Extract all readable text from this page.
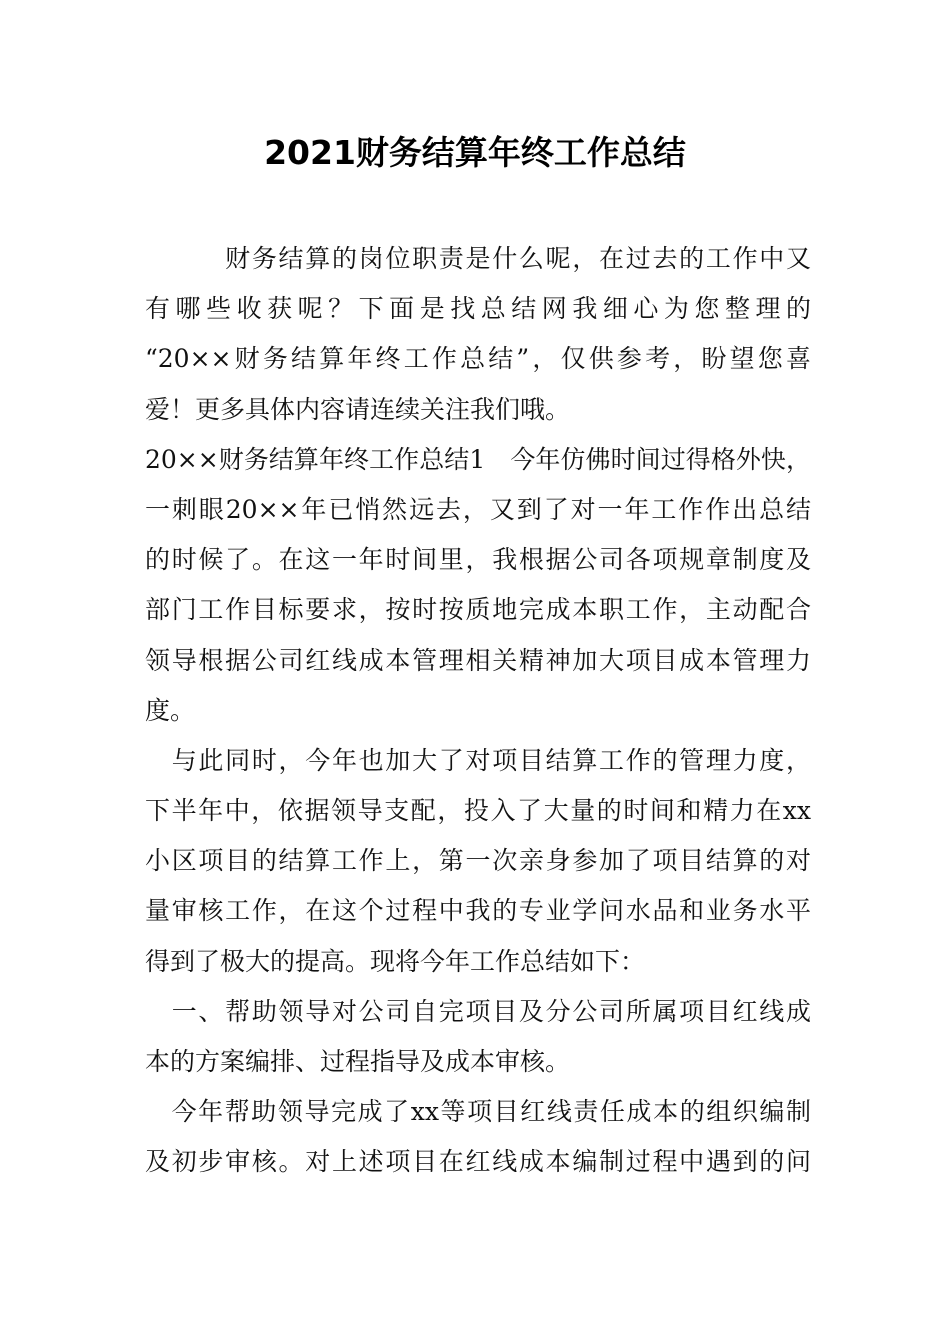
2021财务结算年终工作总结
　　　财务结算的岗位职责是什么呢，在过去的工作中又
有哪些收获呢？下面是找总结网我细心为您整理的
“20××财务结算年终工作总结”，仅供参考，盼望您喜
爱！更多具体内容请连续关注我们哦。
20××财务结算年终工作总结1　今年仿佛时间过得格外快，
一刺眼20××年已悄然远去，又到了对一年工作作出总结
的时候了。在这一年时间里，我根据公司各项规章制度及
部门工作目标要求，按时按质地完成本职工作，主动配合
领导根据公司红线成本管理相关精神加大项目成本管理力
度。
　与此同时，今年也加大了对项目结算工作的管理力度，
下半年中，依据领导支配，投入了大量的时间和精力在xx
小区项目的结算工作上，第一次亲身参加了项目结算的对
量审核工作，在这个过程中我的专业学问水品和业务水平
得到了极大的提高。现将今年工作总结如下：
　一、帮助领导对公司自完项目及分公司所属项目红线成
本的方案编排、过程指导及成本审核。
　今年帮助领导完成了xx等项目红线责任成本的组织编制
及初步审核。对上述项目在红线成本编制过程中遇到的问
